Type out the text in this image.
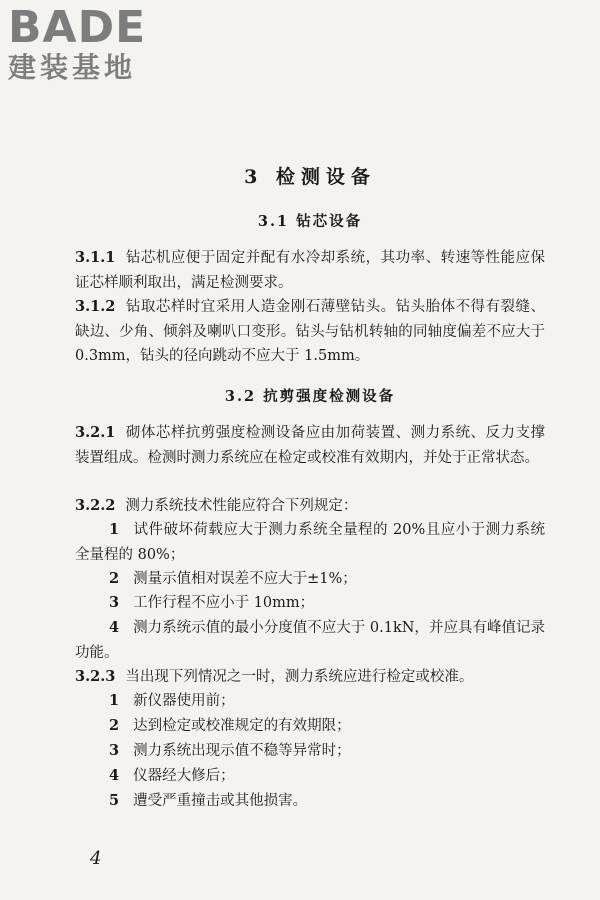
BADE
建装基地
3 检测设备
3.1 钻芯设备

3.1.1 钻芯机应便于固定并配有水冷却系统，其功率、转速等性能应保证芯样顺利取出，满足检测要求。

3.1.2 钻取芯样时宜采用人造金刚石薄壁钻头。钻头胎体不得有裂缝、缺边、少角、倾斜及喇叭口变形。钻头与钻机转轴的同轴度偏差不应大于 0.3mm，钻头的径向跳动不应大于 1.5mm。

3.2 抗剪强度检测设备

3.2.1 砌体芯样抗剪强度检测设备应由加荷装置、测力系统、反力支撑装置组成。检测时测力系统应在检定或校准有效期内，并处于正常状态。

3.2.2 测力系统技术性能应符合下列规定：

1 试件破坏荷载应大于测力系统全量程的 20%且应小于测力系统全量程的 80%；

2 测量示值相对误差不应大于±1%；

3 工作行程不应小于 10mm；

4 测力系统示值的最小分度值不应大于 0.1kN，并应具有峰值记录功能。

3.2.3 当出现下列情况之一时，测力系统应进行检定或校准。

1 新仪器使用前；

2 达到检定或校准规定的有效期限；

3 测力系统出现示值不稳等异常时；

4 仪器经大修后；

5 遭受严重撞击或其他损害。

4
